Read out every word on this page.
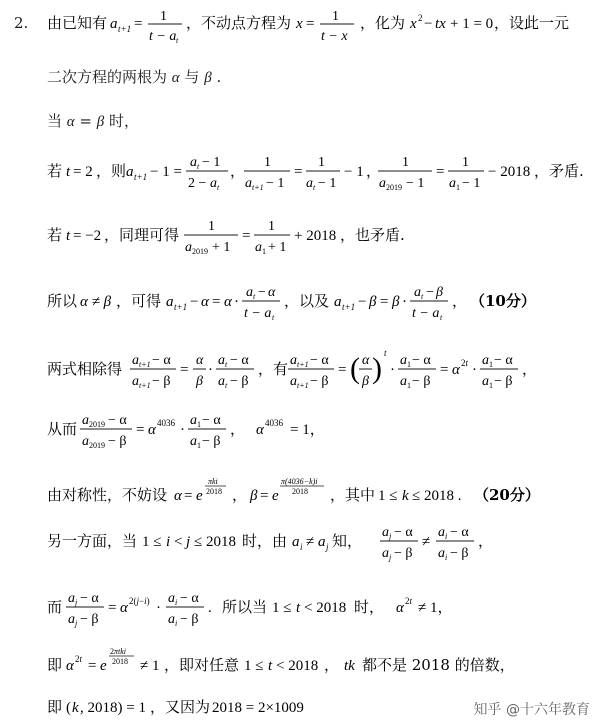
2. 由已知有 a t+1 = 1
t − a t
，不动点方程为 x = 1
t − x
，化为 x 2 − tx + 1 = 0 ，设此一元
二次方程的两根为 α 与 β .
当 α = β 时，
若 t = 2 ，则 a t+1 − 1 =
a t − 1
2 − a t
， 1
a t+1 − 1
=
1
a t − 1
− 1 ， 1
a 2019 − 1
=
1
a 1 − 1
− 2018 ，矛盾.
若 t = −2 ，同理可得 1
a 2019 + 1
=
1
a 1 + 1
+ 2018 ，也矛盾.
所以 α ≠ β ，可得 a t+1 − α = α ·
a t − α
t − a t
，以及 a t+1 − β = β ·
a t − β
t − a t
， （10分）
两式相除得 a t+1 − α
a t+1 − β
=
α
β
·
a t − α
a t − β
，有 a t+1 − α
a t+1 − β
= ( α
β ) t
·
a 1 − α
a 1 − β
= α 2t ·
a 1 − α
a 1 − β
，
从而 a 2019 − α
a 2019 − β
= α 4036 ·
a 1 − α
a 1 − β
， α 4036 = 1，
由对称性，不妨设 α = e
πki
2018 ， β = e
π(4036−k)i
2018 ，其中 1 ≤ k ≤ 2018 . （20分）
另一方面，当 1 ≤ i < j ≤ 2018 时，由 a i ≠ a j 知， a j − α
a j − β
≠
a i − α
a i − β
，
而 a j − α
a j − β
= α 2(j−i) ·
a i − α
a i − β
. 所以当 1 ≤ t < 2018 时， α 2t ≠ 1，
即 α 2t = e
2πtki
2018 ≠ 1 ，即对任意 1 ≤ t < 2018 ， tk 都不是 2018 的倍数，
即 ( k , 2018) = 1 ，又因为 2018 = 2×1009	知乎 @十六年教育
